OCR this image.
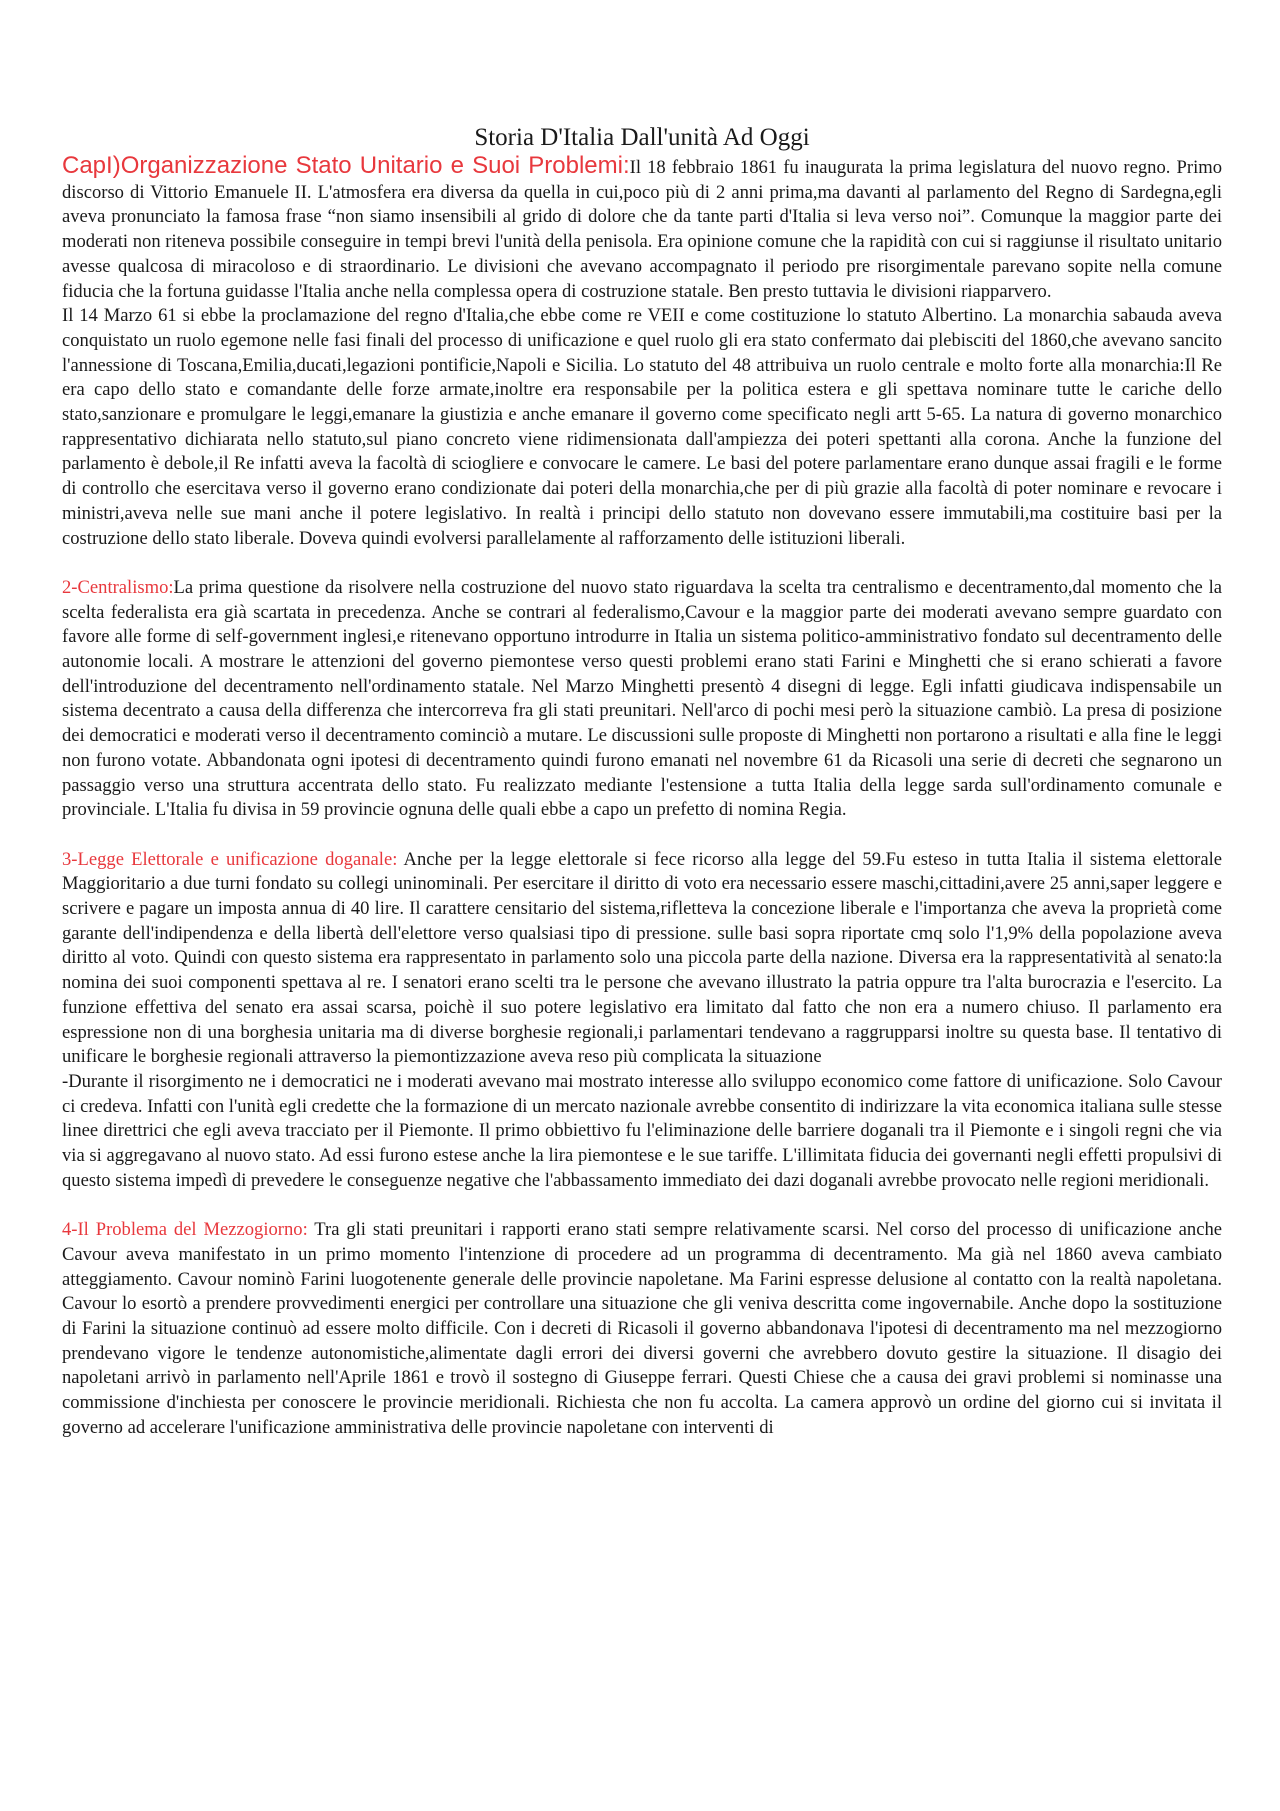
Storia D'Italia Dall'unità Ad Oggi

CapI)Organizzazione Stato Unitario e Suoi Problemi:Il 18 febbraio 1861 fu inaugurata la prima legislatura del nuovo regno. Primo discorso di Vittorio Emanuele II. L'atmosfera era diversa da quella in cui,poco più di 2 anni prima,ma davanti al parlamento del Regno di Sardegna,egli aveva pronunciato la famosa frase “non siamo insensibili al grido di dolore che da tante parti d'Italia si leva verso noi”. Comunque la maggior parte dei moderati non riteneva possibile conseguire in tempi brevi l'unità della penisola. Era opinione comune che la rapidità con cui si raggiunse il risultato unitario avesse qualcosa di miracoloso e di straordinario. Le divisioni che avevano accompagnato il periodo pre risorgimentale parevano sopite nella comune fiducia che la fortuna guidasse l'Italia anche nella complessa opera di costruzione statale. Ben presto tuttavia le divisioni riapparvero.

Il 14 Marzo 61 si ebbe la proclamazione del regno d'Italia,che ebbe come re VEII e come costituzione lo statuto Albertino. La monarchia sabauda aveva conquistato un ruolo egemone nelle fasi finali del processo di unificazione e quel ruolo gli era stato confermato dai plebisciti del 1860,che avevano sancito l'annessione di Toscana,Emilia,ducati,legazioni pontificie,Napoli e Sicilia. Lo statuto del 48 attribuiva un ruolo centrale e molto forte alla monarchia:Il Re era capo dello stato e comandante delle forze armate,inoltre era responsabile per la politica estera e gli spettava nominare tutte le cariche dello stato,sanzionare e promulgare le leggi,emanare la giustizia e anche emanare il governo come specificato negli artt 5-65. La natura di governo monarchico rappresentativo dichiarata nello statuto,sul piano concreto viene ridimensionata dall'ampiezza dei poteri spettanti alla corona. Anche la funzione del parlamento è debole,il Re infatti aveva la facoltà di sciogliere e convocare le camere. Le basi del potere parlamentare erano dunque assai fragili e le forme di controllo che esercitava verso il governo erano condizionate dai poteri della monarchia,che per di più grazie alla facoltà di poter nominare e revocare i ministri,aveva nelle sue mani anche il potere legislativo. In realtà i principi dello statuto non dovevano essere immutabili,ma costituire basi per la costruzione dello stato liberale. Doveva quindi evolversi parallelamente al rafforzamento delle istituzioni liberali.

2-Centralismo:La prima questione da risolvere nella costruzione del nuovo stato riguardava la scelta tra centralismo e decentramento,dal momento che la scelta federalista era già scartata in precedenza. Anche se contrari al federalismo,Cavour e la maggior parte dei moderati avevano sempre guardato con favore alle forme di self-government inglesi,e ritenevano opportuno introdurre in Italia un sistema politico-amministrativo fondato sul decentramento delle autonomie locali. A mostrare le attenzioni del governo piemontese verso questi problemi erano stati Farini e Minghetti che si erano schierati a favore dell'introduzione del decentramento nell'ordinamento statale. Nel Marzo Minghetti presentò 4 disegni di legge. Egli infatti giudicava indispensabile un sistema decentrato a causa della differenza che intercorreva fra gli stati preunitari. Nell'arco di pochi mesi però la situazione cambiò. La presa di posizione dei democratici e moderati verso il decentramento cominciò a mutare. Le discussioni sulle proposte di Minghetti non portarono a risultati e alla fine le leggi non furono votate. Abbandonata ogni ipotesi di decentramento quindi furono emanati nel novembre 61 da Ricasoli una serie di decreti che segnarono un passaggio verso una struttura accentrata dello stato. Fu realizzato mediante l'estensione a tutta Italia della legge sarda sull'ordinamento comunale e provinciale. L'Italia fu divisa in 59 provincie ognuna delle quali ebbe a capo un prefetto di nomina Regia.

3-Legge Elettorale e unificazione doganale: Anche per la legge elettorale si fece ricorso alla legge del 59.Fu esteso in tutta Italia il sistema elettorale Maggioritario a due turni fondato su collegi uninominali. Per esercitare il diritto di voto era necessario essere maschi,cittadini,avere 25 anni,saper leggere e scrivere e pagare un imposta annua di 40 lire. Il carattere censitario del sistema,rifletteva la concezione liberale e l'importanza che aveva la proprietà come garante dell'indipendenza e della libertà dell'elettore verso qualsiasi tipo di pressione. sulle basi sopra riportate cmq solo l'1,9% della popolazione aveva diritto al voto. Quindi con questo sistema era rappresentato in parlamento solo una piccola parte della nazione. Diversa era la rappresentatività al senato:la nomina dei suoi componenti spettava al re. I senatori erano scelti tra le persone che avevano illustrato la patria oppure tra l'alta burocrazia e l'esercito. La funzione effettiva del senato era assai scarsa, poichè il suo potere legislativo era limitato dal fatto che non era a numero chiuso. Il parlamento era espressione non di una borghesia unitaria ma di diverse borghesie regionali,i parlamentari tendevano a raggrupparsi inoltre su questa base. Il tentativo di unificare le borghesie regionali attraverso la piemontizzazione aveva reso più complicata la situazione

-Durante il risorgimento ne i democratici ne i moderati avevano mai mostrato interesse allo sviluppo economico come fattore di unificazione. Solo Cavour ci credeva. Infatti con l'unità egli credette che la formazione di un mercato nazionale avrebbe consentito di indirizzare la vita economica italiana sulle stesse linee direttrici che egli aveva tracciato per il Piemonte. Il primo obbiettivo fu l'eliminazione delle barriere doganali tra il Piemonte e i singoli regni che via via si aggregavano al nuovo stato. Ad essi furono estese anche la lira piemontese e le sue tariffe. L'illimitata fiducia dei governanti negli effetti propulsivi di questo sistema impedì di prevedere le conseguenze negative che l'abbassamento immediato dei dazi doganali avrebbe provocato nelle regioni meridionali.

4-Il Problema del Mezzogiorno: Tra gli stati preunitari i rapporti erano stati sempre relativamente scarsi. Nel corso del processo di unificazione anche Cavour aveva manifestato in un primo momento l'intenzione di procedere ad un programma di decentramento. Ma già nel 1860 aveva cambiato atteggiamento. Cavour nominò Farini luogotenente generale delle provincie napoletane. Ma Farini espresse delusione al contatto con la realtà napoletana. Cavour lo esortò a prendere provvedimenti energici per controllare una situazione che gli veniva descritta come ingovernabile. Anche dopo la sostituzione di Farini la situazione continuò ad essere molto difficile. Con i decreti di Ricasoli il governo abbandonava l'ipotesi di decentramento ma nel mezzogiorno prendevano vigore le tendenze autonomistiche,alimentate dagli errori dei diversi governi che avrebbero dovuto gestire la situazione. Il disagio dei napoletani arrivò in parlamento nell'Aprile 1861 e trovò il sostegno di Giuseppe ferrari. Questi Chiese che a causa dei gravi problemi si nominasse una commissione d'inchiesta per conoscere le provincie meridionali. Richiesta che non fu accolta. La camera approvò un ordine del giorno cui si invitata il governo ad accelerare l'unificazione amministrativa delle provincie napoletane con interventi di
